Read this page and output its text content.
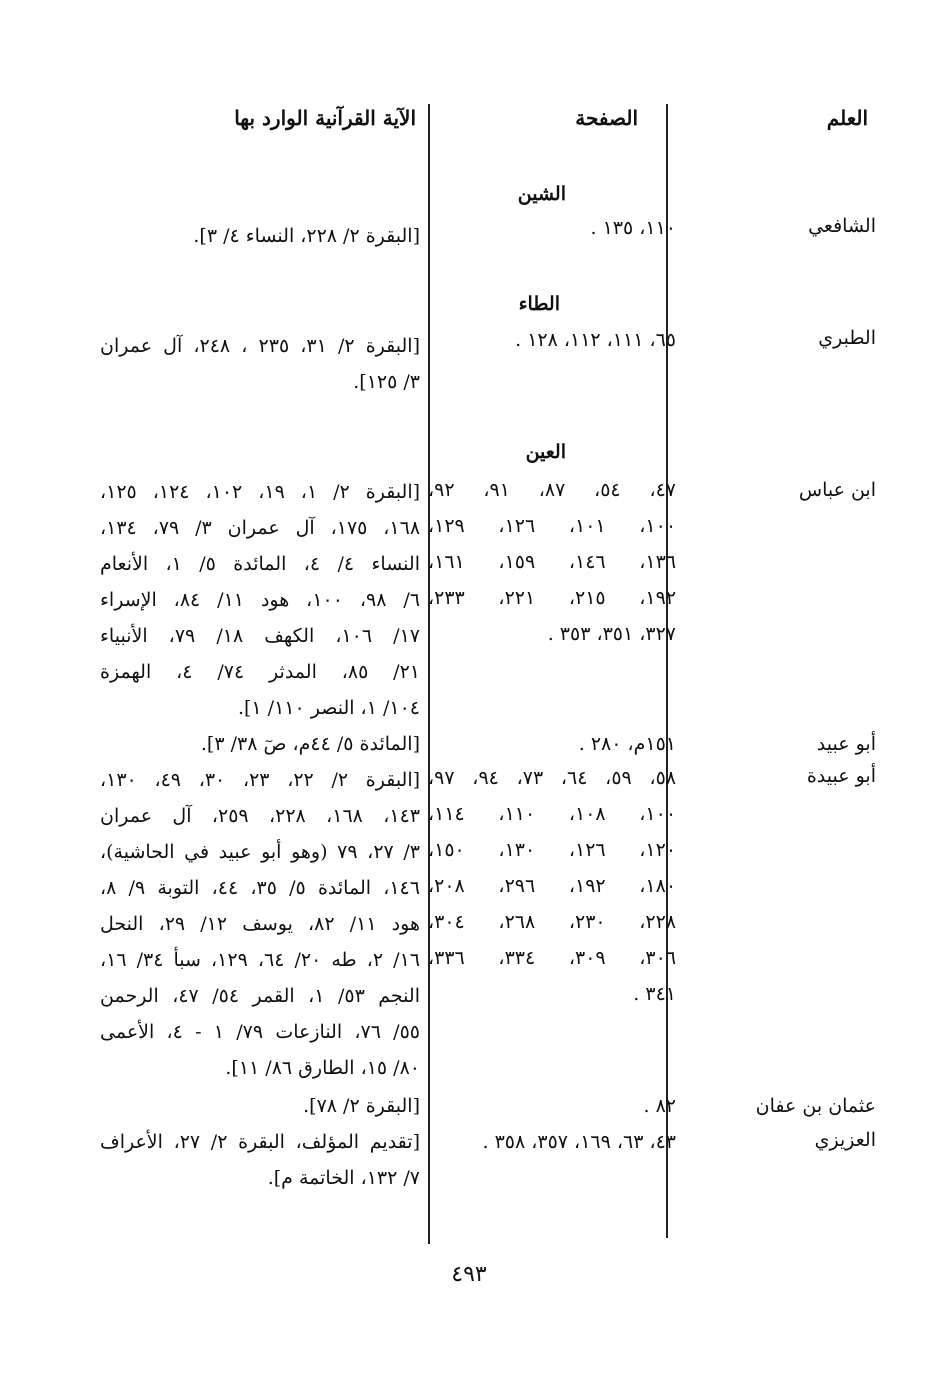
العلم
الصفحة
الآية القرآنية الوارد بها
الشين
الشافعي
١١٠، ١٣٥ .
[البقرة ٢/ ٢٢٨، النساء ٤/ ٣].
الطاء
الطبري
٦٥، ١١١، ١١٢، ١٢٨ .
[البقرة ٢/ ٣١، ٢٣٥ ، ٢٤٨، آل عمران
٣/ ١٢٥].
العين
ابن عباس
٤٧، ٥٤، ٨٧، ٩١، ٩٢،
١٠٠، ١٠١، ١٢٦، ١٢٩،
١٣٦، ١٤٦، ١٥٩، ١٦١،
١٩٢، ٢١٥، ٢٢١، ٢٣٣،
٣٢٧، ٣٥١، ٣٥٣ .
[البقرة ٢/ ١، ١٩، ١٠٢، ١٢٤، ١٢٥،
١٦٨، ١٧٥، آل عمران ٣/ ٧٩، ١٣٤،
النساء ٤/ ٤، المائدة ٥/ ١، الأنعام
٦/ ٩٨، ١٠٠، هود ١١/ ٨٤، الإسراء
١٧/ ١٠٦، الكهف ١٨/ ٧٩، الأنبياء
٢١/ ٨٥، المدثر ٧٤/ ٤، الهمزة
١٠٤/ ١، النصر ١١٠/ ١].
أبو عبيد
١٥١م، ٢٨٠ .
[المائدة ٥/ ٤٤م، صٓ ٣٨/ ٣].
أبو عبيدة
٥٨، ٥٩، ٦٤، ٧٣، ٩٤، ٩٧،
١٠٠، ١٠٨، ١١٠، ١١٤،
١٢٠، ١٢٦، ١٣٠، ١٥٠،
١٨٠، ١٩٢، ٢٩٦، ٢٠٨،
٢٢٨، ٢٣٠، ٢٦٨، ٣٠٤،
٣٠٦، ٣٠٩، ٣٣٤، ٣٣٦،
٣٤١ .
[البقرة ٢/ ٢٢، ٢٣، ٣٠، ٤٩، ١٣٠،
١٤٣، ١٦٨، ٢٢٨، ٢٥٩، آل عمران
٣/ ٢٧، ٧٩ (وهو أبو عبيد في الحاشية)،
١٤٦، المائدة ٥/ ٣٥، ٤٤، التوبة ٩/ ٨،
هود ١١/ ٨٢، يوسف ١٢/ ٢٩، النحل
١٦/ ٢، طه ٢٠/ ٦٤، ١٢٩، سبأ ٣٤/ ١٦،
النجم ٥٣/ ١، القمر ٥٤/ ٤٧، الرحمن
٥٥/ ٧٦، النازعات ٧٩/ ١ - ٤، الأعمى
٨٠/ ١٥، الطارق ٨٦/ ١١].
عثمان بن عفان
٨٢ .
[البقرة ٢/ ٧٨].
العزيزي
٤٣، ٦٣، ١٦٩، ٣٥٧، ٣٥٨ .
[تقديم المؤلف، البقرة ٢/ ٢٧، الأعراف
٧/ ١٣٢، الخاتمة م].
٤٩٣
